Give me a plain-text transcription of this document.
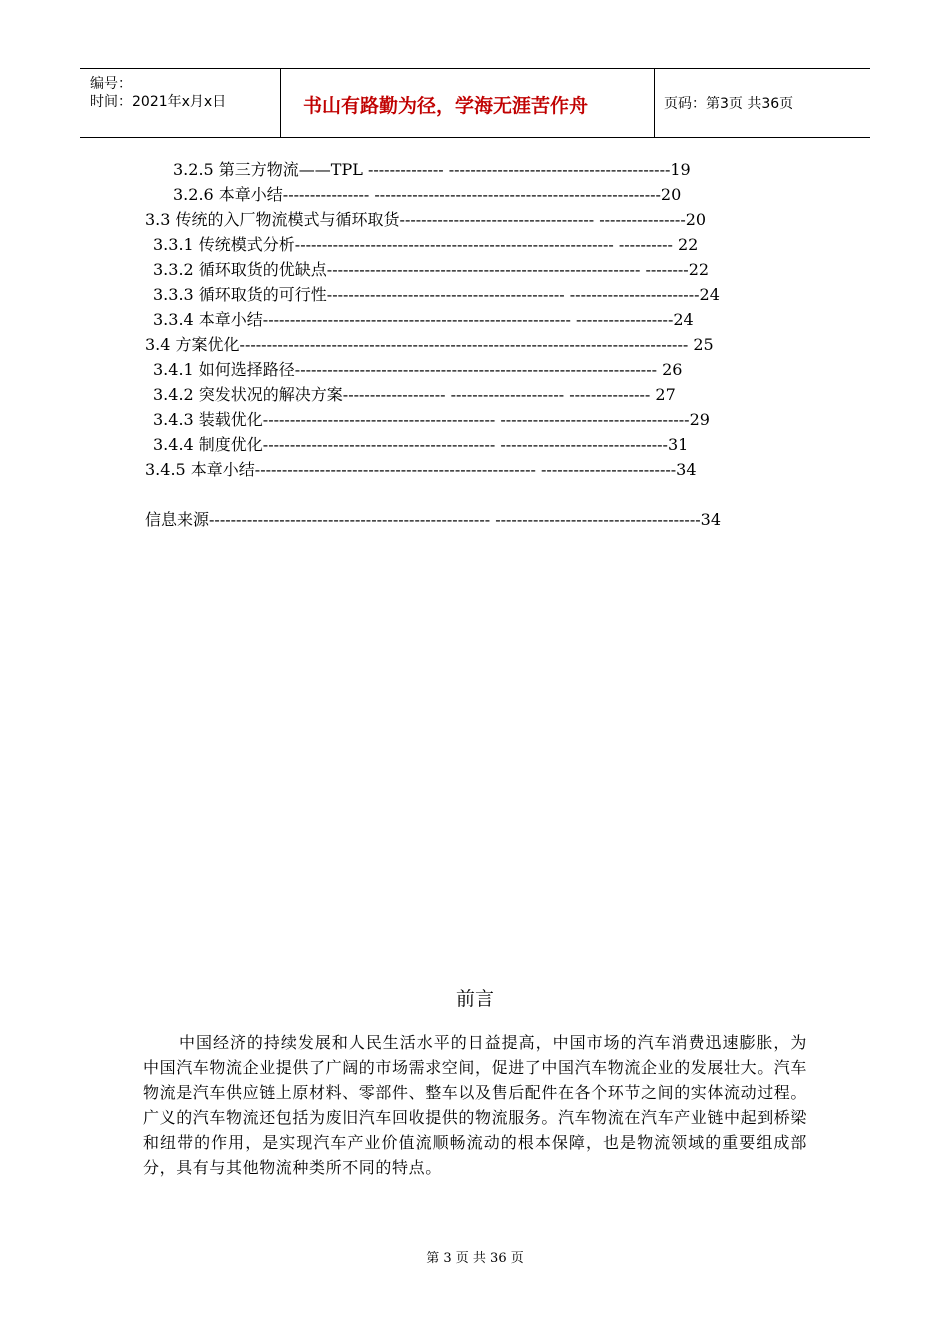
编号：
时间：2021年x月x日	书山有路勤为径，学海无涯苦作舟	页码：第3页 共36页
3.2.5 第三方物流——TPL -------------- -----------------------------------------19
3.2.6 本章小结---------------- -----------------------------------------------------20
3.3 传统的入厂物流模式与循环取货------------------------------------ ----------------20
3.3.1 传统模式分析----------------------------------------------------------- ---------- 22
3.3.2 循环取货的优缺点---------------------------------------------------------- --------22
3.3.3 循环取货的可行性-------------------------------------------- ------------------------24
3.3.4 本章小结--------------------------------------------------------- ------------------24
3.4 方案优化----------------------------------------------------------------------------------- 25
3.4.1 如何选择路径------------------------------------------------------------------- 26
3.4.2 突发状况的解决方案------------------- --------------------- --------------- 27
3.4.3 装载优化------------------------------------------- -----------------------------------29
3.4.4 制度优化------------------------------------------- -------------------------------31
3.4.5 本章小结---------------------------------------------------- -------------------------34
信息来源---------------------------------------------------- --------------------------------------34
前言
中国经济的持续发展和人民生活水平的日益提高，中国市场的汽车消费迅速膨胀，为中国汽车物流企业提供了广阔的市场需求空间，促进了中国汽车物流企业的发展壮大。汽车物流是汽车供应链上原材料、零部件、整车以及售后配件在各个环节之间的实体流动过程。广义的汽车物流还包括为废旧汽车回收提供的物流服务。汽车物流在汽车产业链中起到桥梁和纽带的作用，是实现汽车产业价值流顺畅流动的根本保障，也是物流领域的重要组成部分，具有与其他物流种类所不同的特点。
第 3 页 共 36 页
